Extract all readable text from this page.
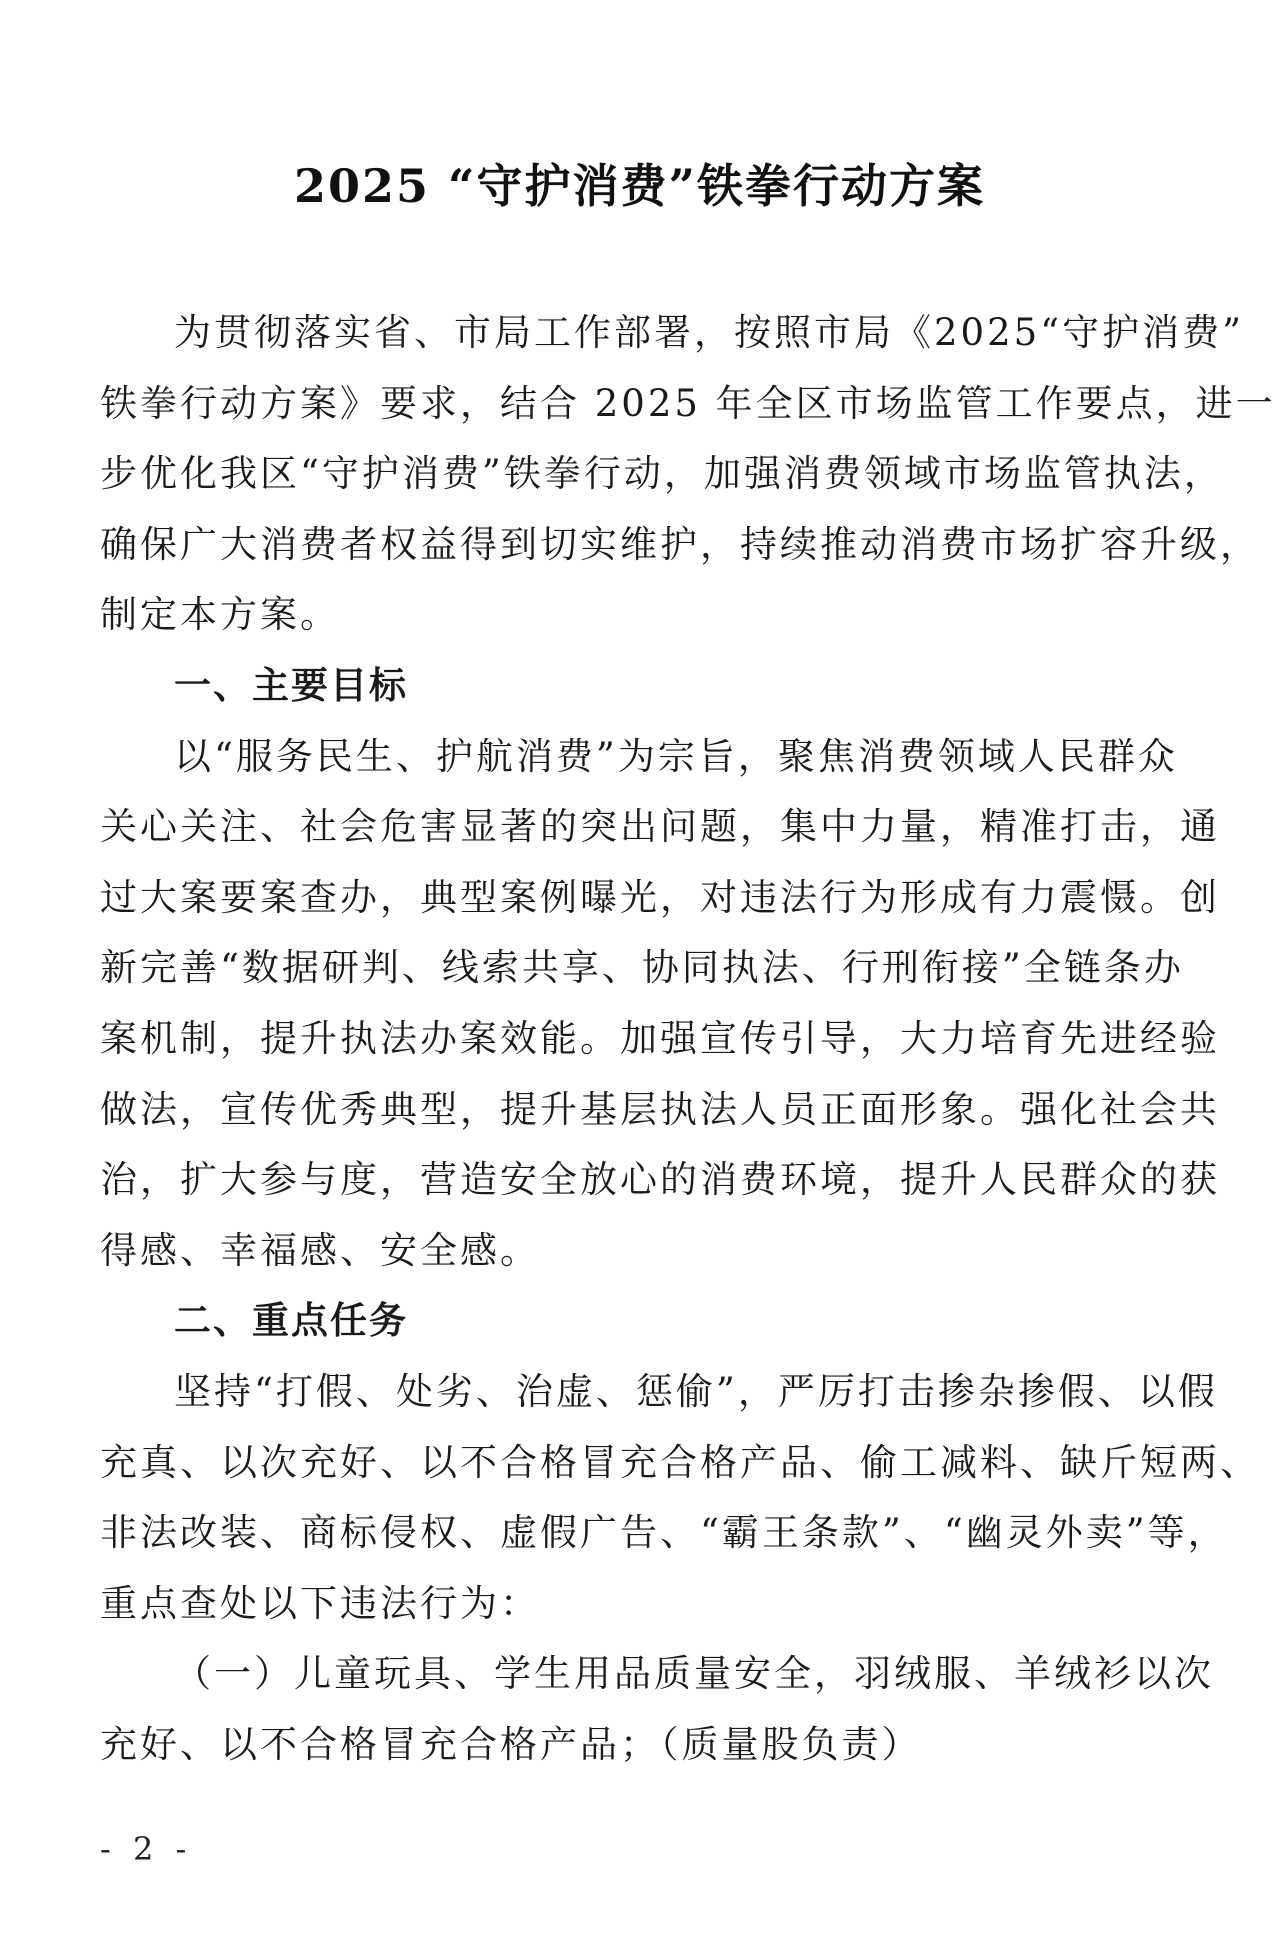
2025 “守护消费”铁拳行动方案
为贯彻落实省、市局工作部署，按照市局《2025“守护消费”
铁拳行动方案》要求，结合 2025 年全区市场监管工作要点，进一
步优化我区“守护消费”铁拳行动，加强消费领域市场监管执法，
确保广大消费者权益得到切实维护，持续推动消费市场扩容升级，
制定本方案。
一、主要目标
以“服务民生、护航消费”为宗旨，聚焦消费领域人民群众
关心关注、社会危害显著的突出问题，集中力量，精准打击，通
过大案要案查办，典型案例曝光，对违法行为形成有力震慑。创
新完善“数据研判、线索共享、协同执法、行刑衔接”全链条办
案机制，提升执法办案效能。加强宣传引导，大力培育先进经验
做法，宣传优秀典型，提升基层执法人员正面形象。强化社会共
治，扩大参与度，营造安全放心的消费环境，提升人民群众的获
得感、幸福感、安全感。
二、重点任务
坚持“打假、处劣、治虚、惩偷”，严厉打击掺杂掺假、以假
充真、以次充好、以不合格冒充合格产品、偷工减料、缺斤短两、
非法改装、商标侵权、虚假广告、“霸王条款”、“幽灵外卖”等，
重点查处以下违法行为：
（一）儿童玩具、学生用品质量安全，羽绒服、羊绒衫以次
充好、以不合格冒充合格产品；（质量股负责）
- 2 -
